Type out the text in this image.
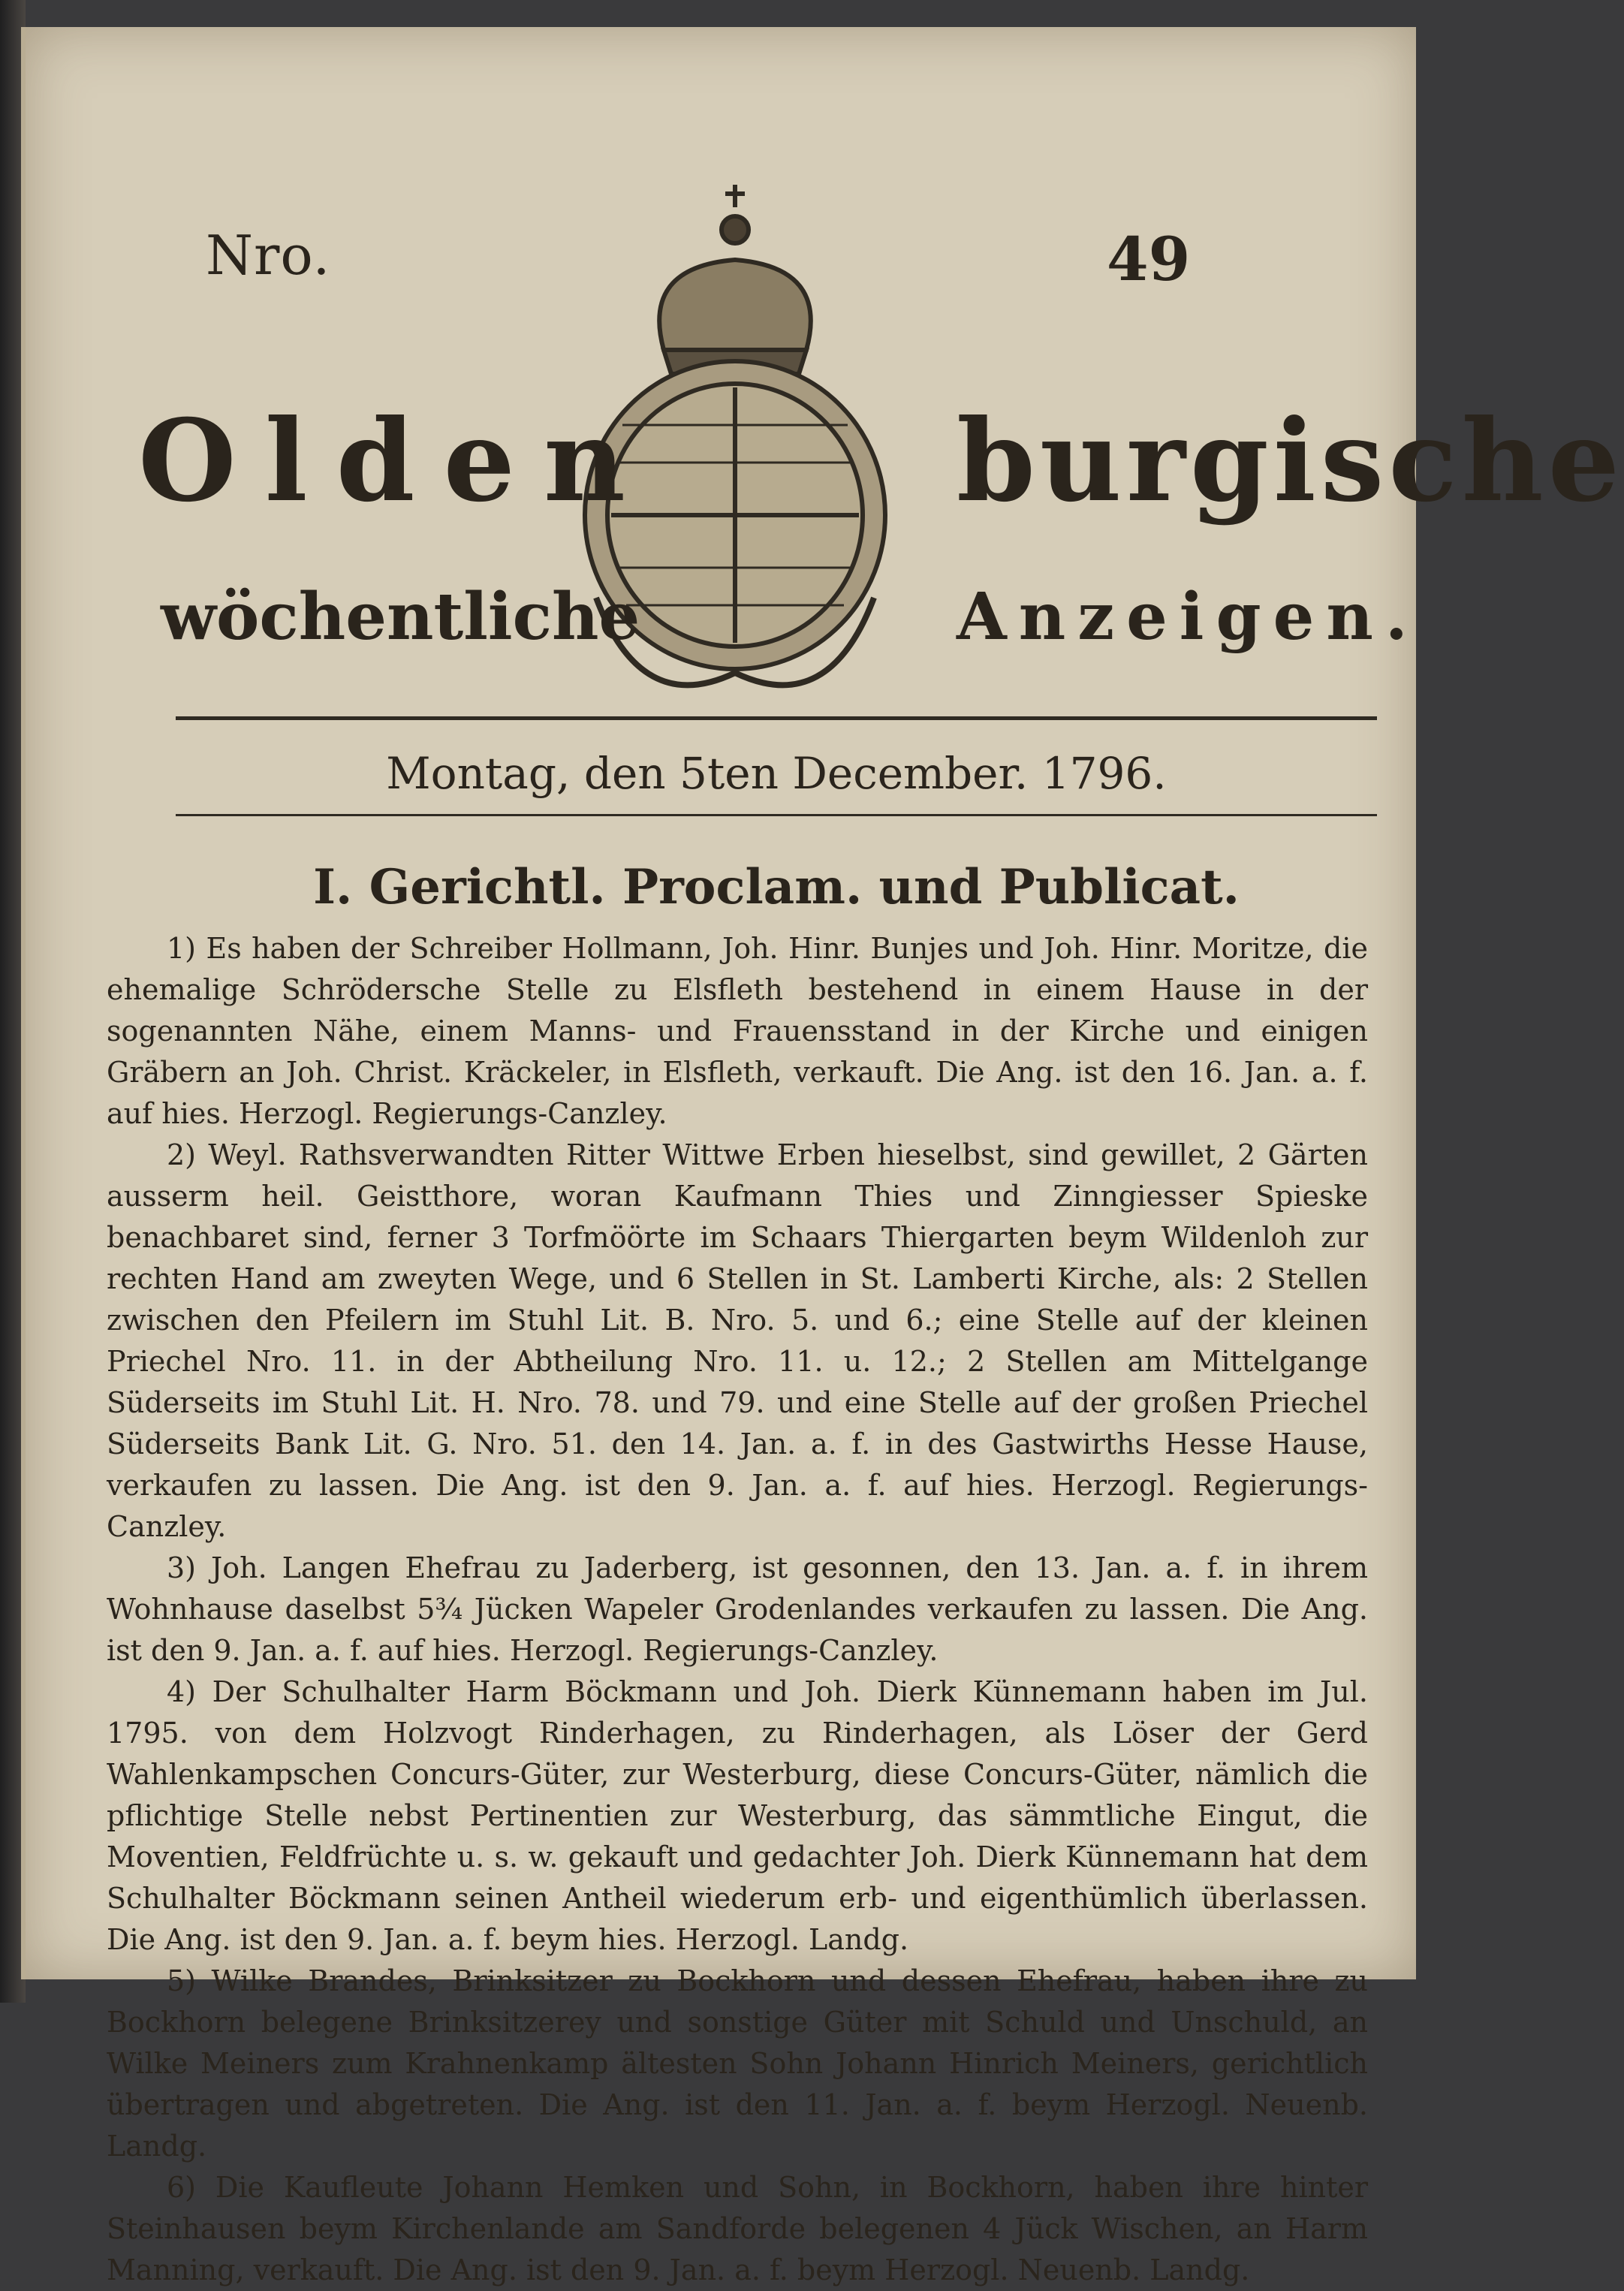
Nro.	49
Olden	burgische
wöchentliche	Anzeigen.
Montag, den 5ten December. 1796.
I. Gerichtl. Proclam. und Publicat.

1) Es haben der Schreiber Hollmann, Joh. Hinr. Bunjes und Joh. Hinr. Moritze, die ehemalige Schrödersche Stelle zu Elsfleth bestehend in einem Hause in der sogenannten Nähe, einem Manns- und Frauensstand in der Kirche und einigen Gräbern an Joh. Christ. Kräckeler, in Elsfleth, verkauft. Die Ang. ist den 16. Jan. a. f. auf hies. Herzogl. Regierungs-Canzley.

2) Weyl. Rathsverwandten Ritter Wittwe Erben hieselbst, sind gewillet, 2 Gärten ausserm heil. Geistthore, woran Kaufmann Thies und Zinngiesser Spieske benachbaret sind, ferner 3 Torfmöörte im Schaars Thiergarten beym Wildenloh zur rechten Hand am zweyten Wege, und 6 Stellen in St. Lamberti Kirche, als: 2 Stellen zwischen den Pfeilern im Stuhl Lit. B. Nro. 5. und 6.; eine Stelle auf der kleinen Priechel Nro. 11. in der Abtheilung Nro. 11. u. 12.; 2 Stellen am Mittelgange Süderseits im Stuhl Lit. H. Nro. 78. und 79. und eine Stelle auf der großen Priechel Süderseits Bank Lit. G. Nro. 51. den 14. Jan. a. f. in des Gastwirths Hesse Hause, verkaufen zu lassen. Die Ang. ist den 9. Jan. a. f. auf hies. Herzogl. Regierungs-Canzley.

3) Joh. Langen Ehefrau zu Jaderberg, ist gesonnen, den 13. Jan. a. f. in ihrem Wohnhause daselbst 5¾ Jücken Wapeler Grodenlandes verkaufen zu lassen. Die Ang. ist den 9. Jan. a. f. auf hies. Herzogl. Regierungs-Canzley.

4) Der Schulhalter Harm Böckmann und Joh. Dierk Künnemann haben im Jul. 1795. von dem Holzvogt Rinderhagen, zu Rinderhagen, als Löser der Gerd Wahlenkampschen Concurs-Güter, zur Westerburg, diese Concurs-Güter, nämlich die pflichtige Stelle nebst Pertinentien zur Westerburg, das sämmtliche Eingut, die Moventien, Feldfrüchte u. s. w. gekauft und gedachter Joh. Dierk Künnemann hat dem Schulhalter Böckmann seinen Antheil wiederum erb- und eigenthümlich überlassen. Die Ang. ist den 9. Jan. a. f. beym hies. Herzogl. Landg.

5) Wilke Brandes, Brinksitzer zu Bockhorn und dessen Ehefrau, haben ihre zu Bockhorn belegene Brinksitzerey und sonstige Güter mit Schuld und Unschuld, an Wilke Meiners zum Krahnenkamp ältesten Sohn Johann Hinrich Meiners, gerichtlich übertragen und abgetreten. Die Ang. ist den 11. Jan. a. f. beym Herzogl. Neuenb. Landg.

6) Die Kaufleute Johann Hemken und Sohn, in Bockhorn, haben ihre hinter Steinhausen beym Kirchenlande am Sandforde belegenen 4 Jück Wischen, an Harm Manning, verkauft. Die Ang. ist den 9. Jan. a. f. beym Herzogl. Neuenb. Landg.
